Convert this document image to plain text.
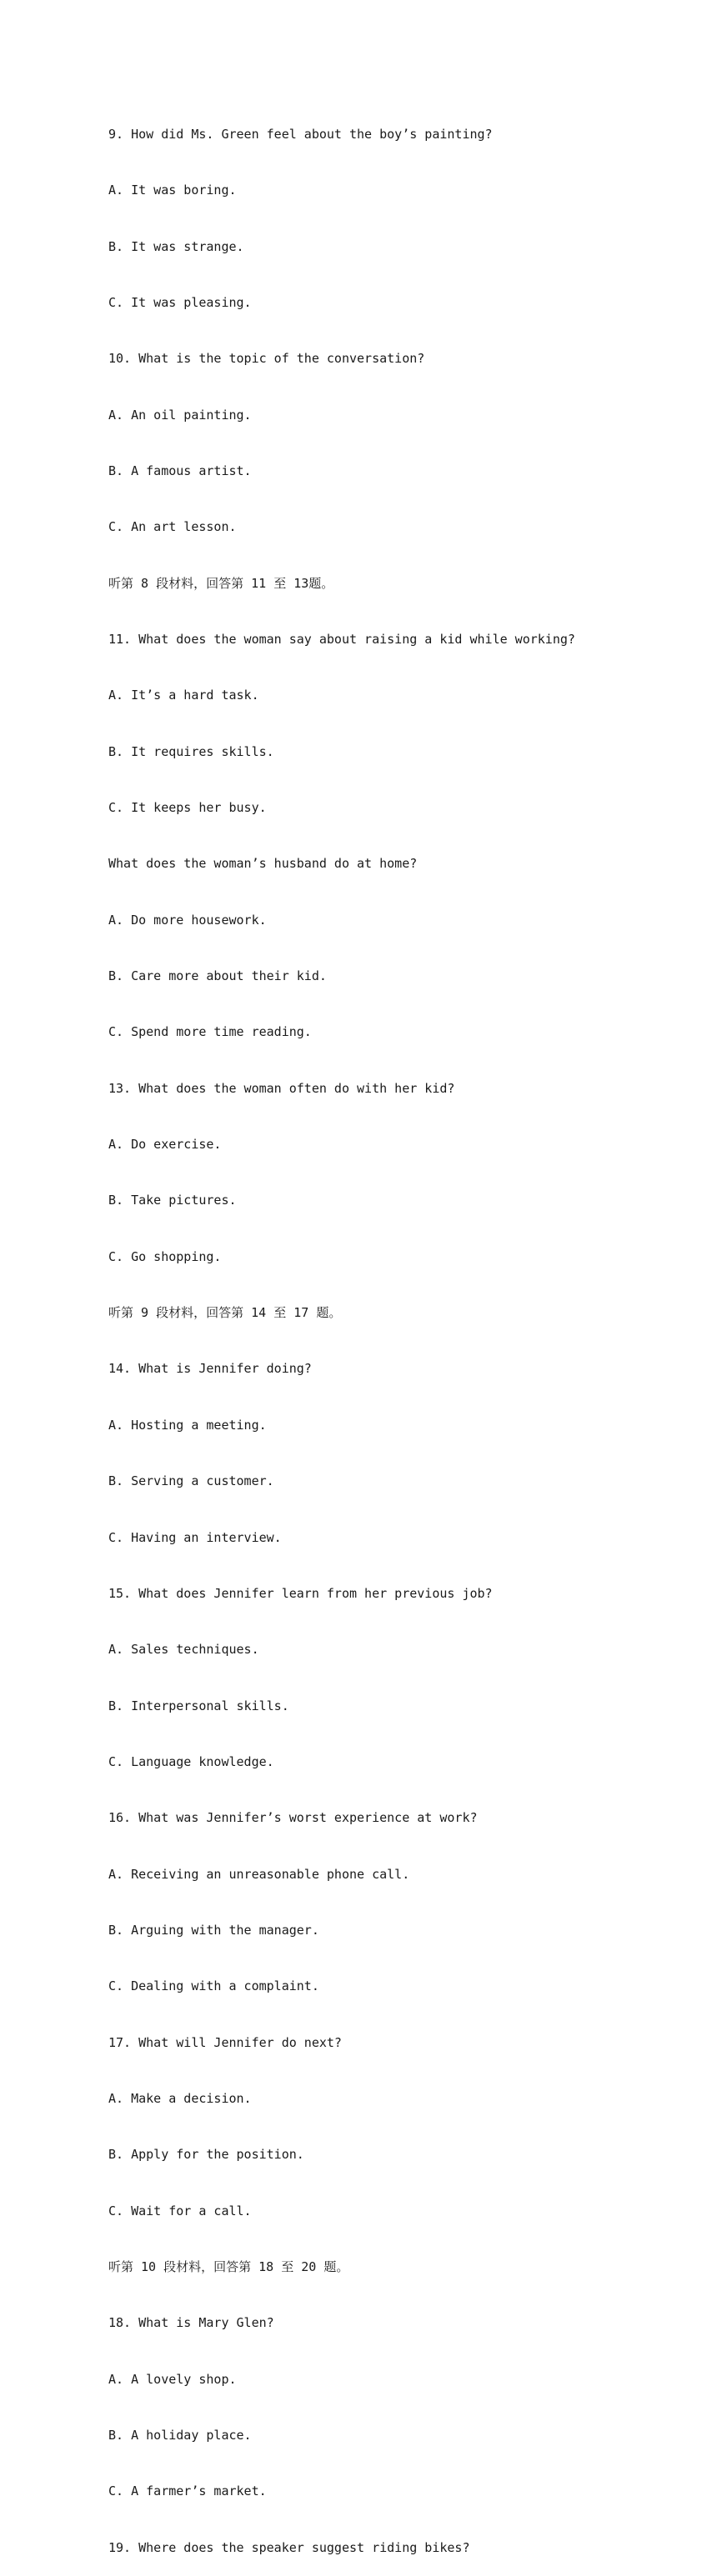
9. How did Ms. Green feel about the boy’s painting?

A. It was boring.

B. It was strange.

C. It was pleasing.

10. What is the topic of the conversation?

A. An oil painting.

B. A famous artist.

C. An art lesson.

听第 8 段材料，回答第 11 至 13题。

11. What does the woman say about raising a kid while working?

A. It’s a hard task.

B. It requires skills.

C. It keeps her busy.

What does the woman’s husband do at home?

A. Do more housework.

B. Care more about their kid.

C. Spend more time reading.

13. What does the woman often do with her kid?

A. Do exercise.

B. Take pictures.

C. Go shopping.

听第 9 段材料，回答第 14 至 17 题。

14. What is Jennifer doing?

A. Hosting a meeting.

B. Serving a customer.

C. Having an interview.

15. What does Jennifer learn from her previous job?

A. Sales techniques.

B. Interpersonal skills.

C. Language knowledge.

16. What was Jennifer’s worst experience at work?

A. Receiving an unreasonable phone call.

B. Arguing with the manager.

C. Dealing with a complaint.

17. What will Jennifer do next?

A. Make a decision.

B. Apply for the position.

C. Wait for a call.

听第 10 段材料，回答第 18 至 20 题。

18. What is Mary Glen?

A. A lovely shop.

B. A holiday place.

C. A farmer’s market.

19. Where does the speaker suggest riding bikes?
